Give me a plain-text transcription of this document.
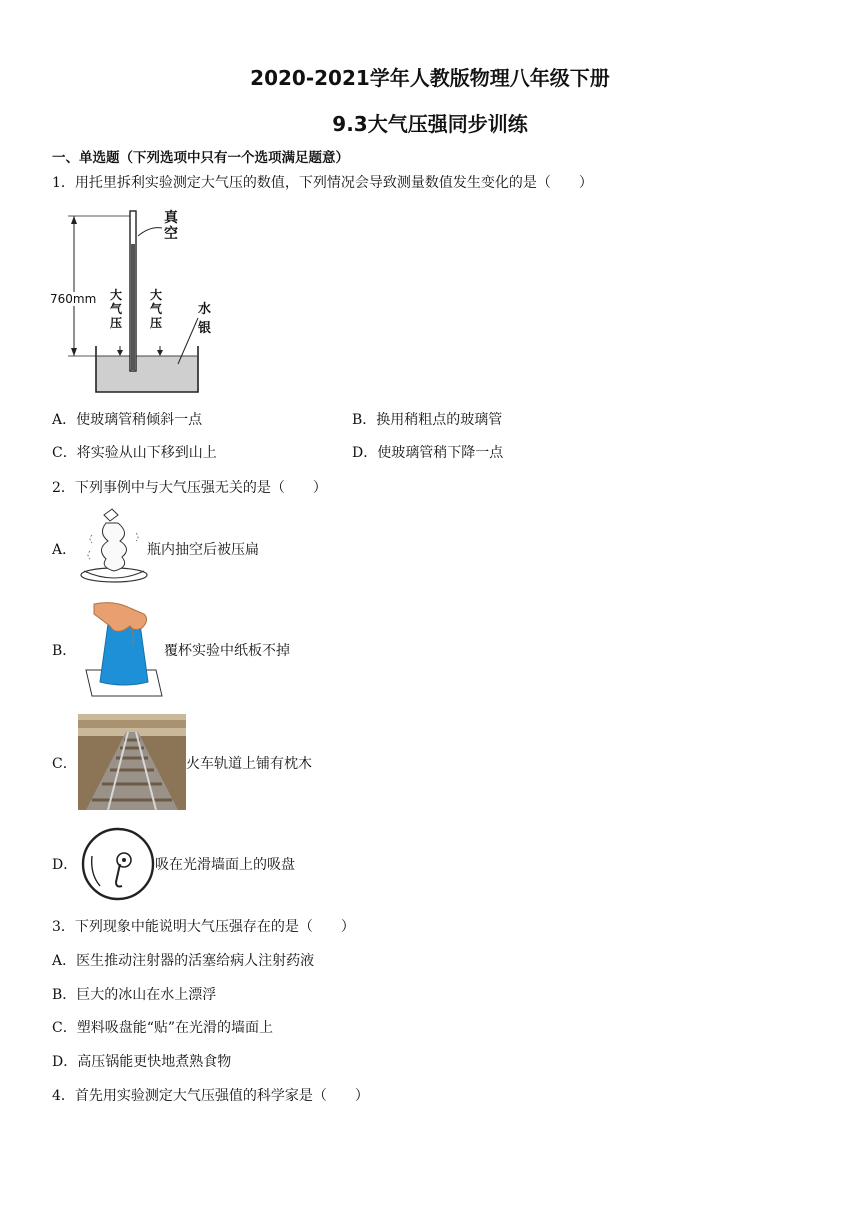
2020-2021学年人教版物理八年级下册
9.3大气压强同步训练
一、单选题（下列选项中只有一个选项满足题意）
1．用托里拆利实验测定大气压的数值，下列情况会导致测量数值发生变化的是（　　）
真空
760mm 大气压
大气压
水银
A．使玻璃管稍倾斜一点	B．换用稍粗点的玻璃管
C．将实验从山下移到山上	D．使玻璃管稍下降一点
2．下列事例中与大气压强无关的是（　　）
A．	瓶内抽空后被压扁
B．	覆杯实验中纸板不掉
C．	火车轨道上铺有枕木
D．	吸在光滑墙面上的吸盘
3．下列现象中能说明大气压强存在的是（　　）
A．医生推动注射器的活塞给病人注射药液
B．巨大的冰山在水上漂浮
C．塑料吸盘能“贴”在光滑的墙面上
D．高压锅能更快地煮熟食物
4．首先用实验测定大气压强值的科学家是（　　）
